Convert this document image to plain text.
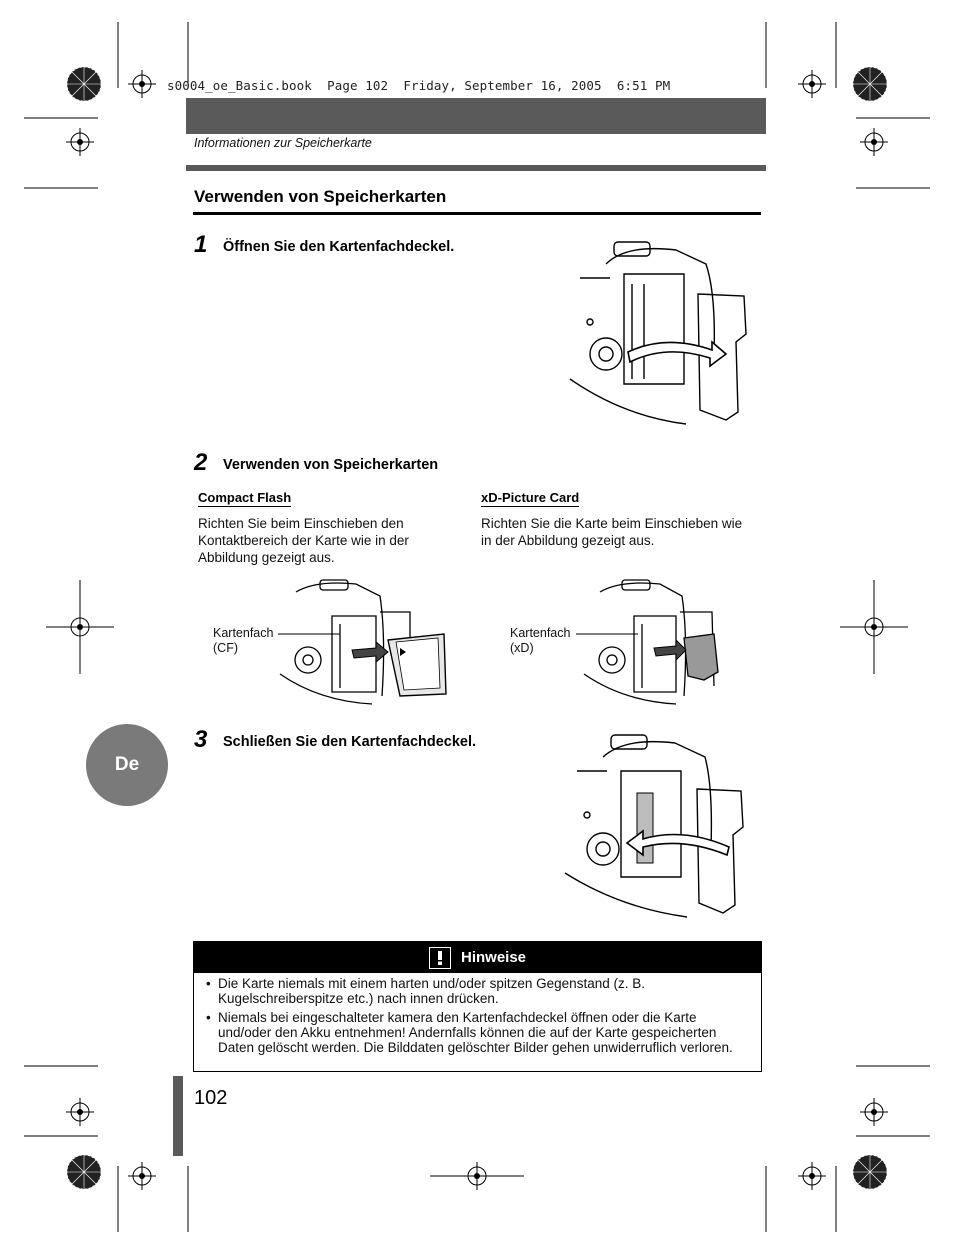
s0004_oe_Basic.book  Page 102  Friday, September 16, 2005  6:51 PM
Informationen zur Speicherkarte
Verwenden von Speicherkarten
1 Öffnen Sie den Kartenfachdeckel.
2 Verwenden von Speicherkarten
Compact Flash
Richten Sie beim Einschieben den Kontaktbereich der Karte wie in der Abbildung gezeigt aus.
xD-Picture Card
Richten Sie die Karte beim Einschieben wie in der Abbildung gezeigt aus.
Kartenfach
(CF)
Kartenfach
(xD)
3 Schließen Sie den Kartenfachdeckel.
De
Hinweise
• Die Karte niemals mit einem harten und/oder spitzen Gegenstand (z. B. Kugelschreiberspitze etc.) nach innen drücken.
• Niemals bei eingeschalteter kamera den Kartenfachdeckel öffnen oder die Karte und/oder den Akku entnehmen! Andernfalls können die auf der Karte gespeicherten Daten gelöscht werden. Die Bilddaten gelöschter Bilder gehen unwiderruflich verloren.
102
